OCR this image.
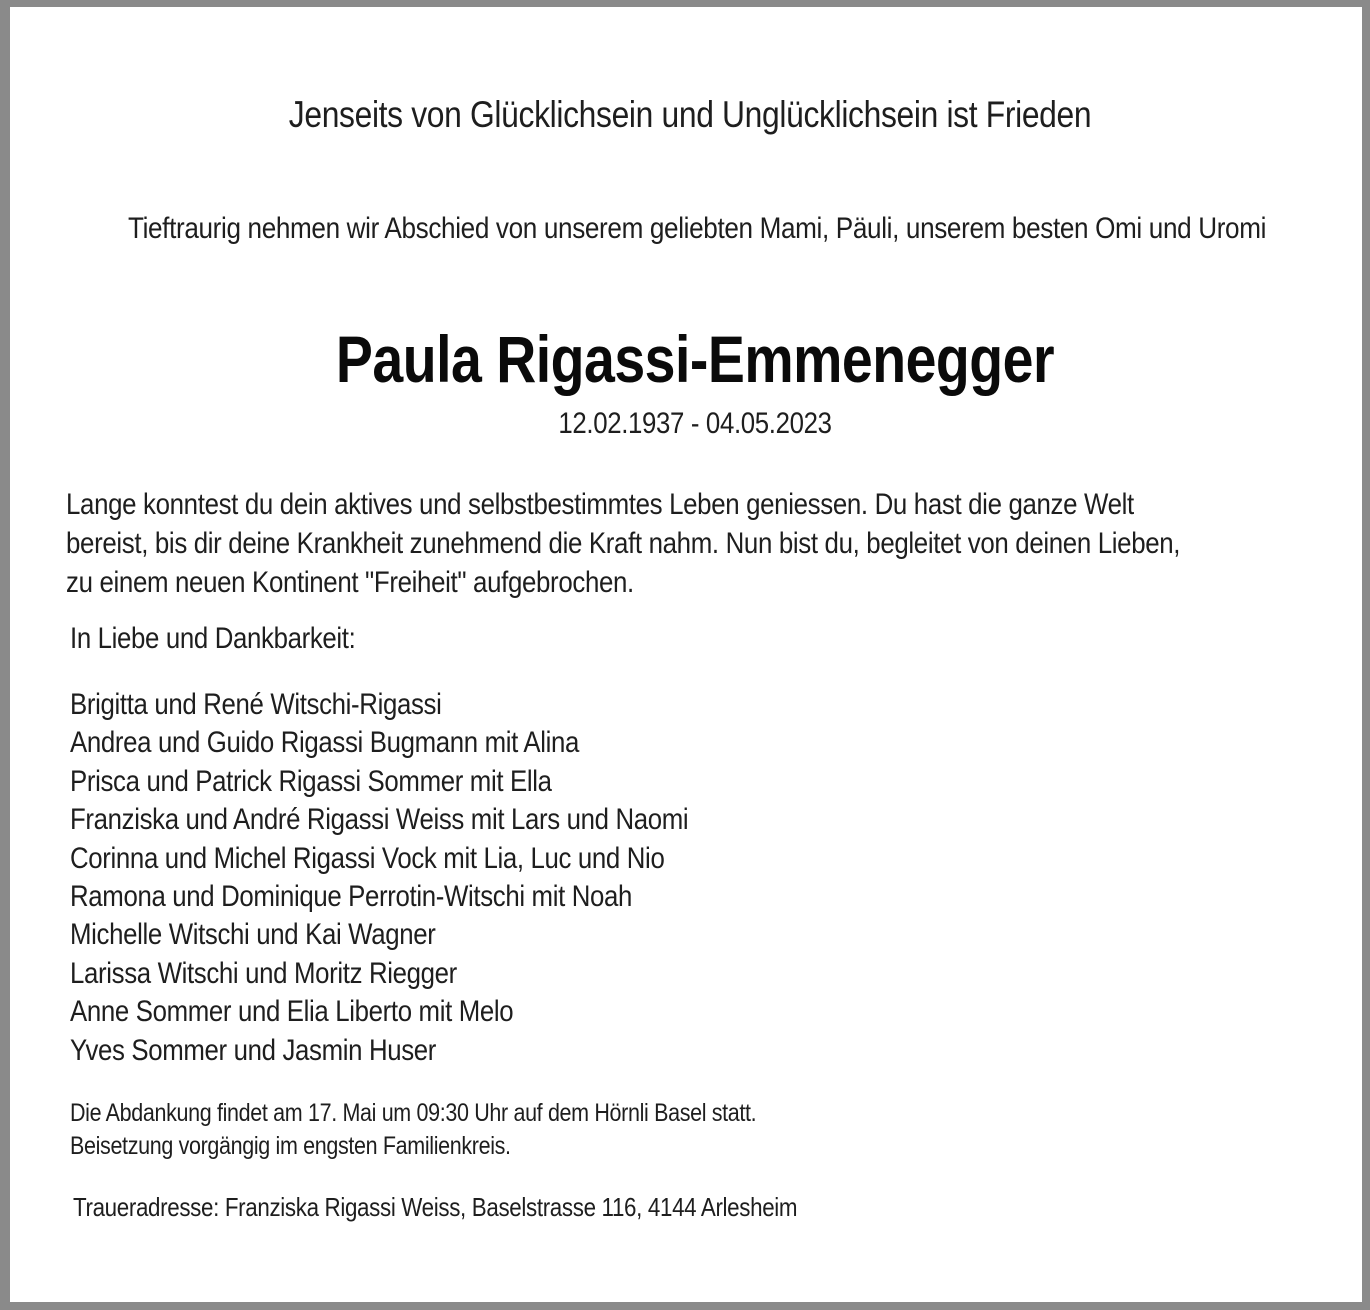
Jenseits von Glücklichsein und Unglücklichsein ist Frieden

Tieftraurig nehmen wir Abschied von unserem geliebten Mami, Päuli, unserem besten Omi und Uromi

Paula Rigassi-Emmenegger

12.02.1937 - 04.05.2023

Lange konntest du dein aktives und selbstbestimmtes Leben geniessen. Du hast die ganze Welt
bereist, bis dir deine Krankheit zunehmend die Kraft nahm. Nun bist du, begleitet von deinen Lieben,
zu einem neuen Kontinent "Freiheit" aufgebrochen.

In Liebe und Dankbarkeit:

Brigitta und René Witschi-Rigassi
Andrea und Guido Rigassi Bugmann mit Alina
Prisca und Patrick Rigassi Sommer mit Ella
Franziska und André Rigassi Weiss mit Lars und Naomi
Corinna und Michel Rigassi Vock mit Lia, Luc und Nio
Ramona und Dominique Perrotin-Witschi mit Noah
Michelle Witschi und Kai Wagner
Larissa Witschi und Moritz Riegger
Anne Sommer und Elia Liberto mit Melo
Yves Sommer und Jasmin Huser
Die Abdankung findet am 17. Mai um 09:30 Uhr auf dem Hörnli Basel statt.
Beisetzung vorgängig im engsten Familienkreis.

Traueradresse: Franziska Rigassi Weiss, Baselstrasse 116, 4144 Arlesheim
